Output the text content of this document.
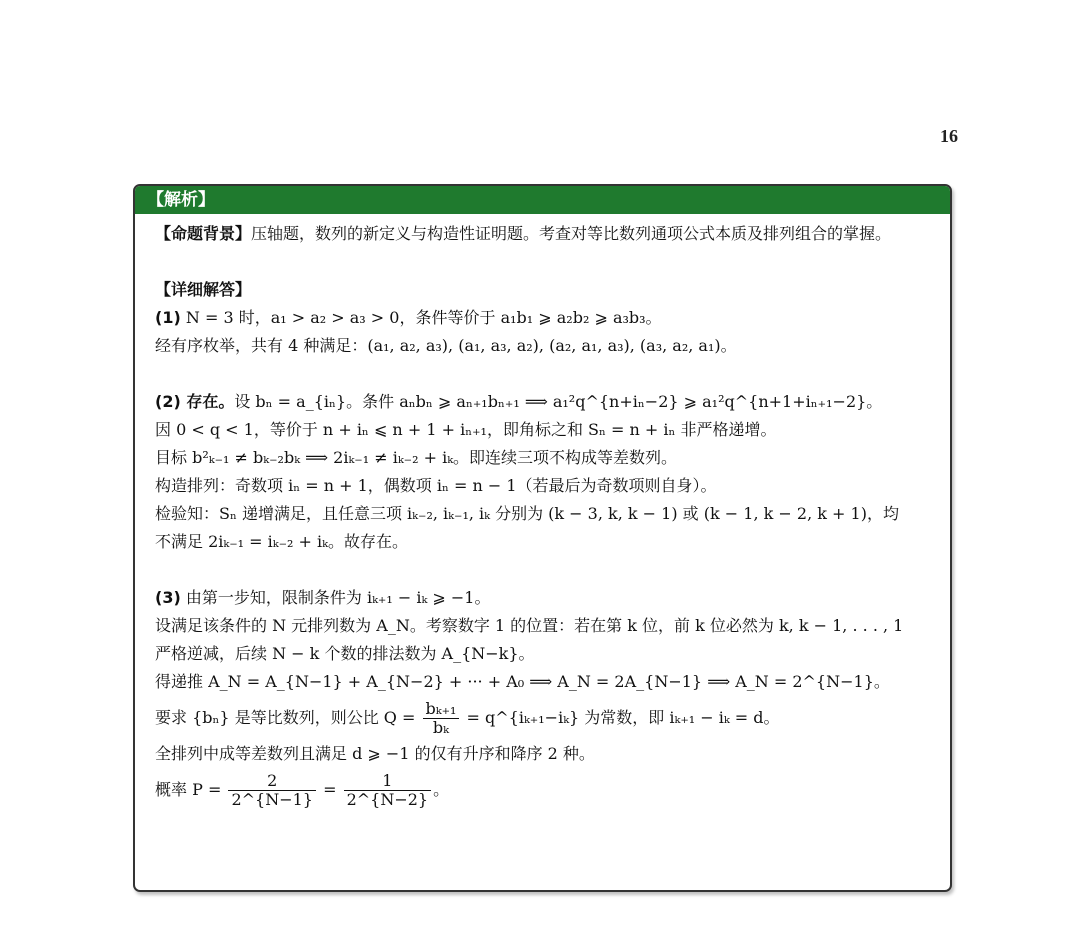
16
【解析】

【命题背景】压轴题，数列的新定义与构造性证明题。考查对等比数列通项公式本质及排列组合的掌握。

【详细解答】

(1) N = 3 时，a₁ > a₂ > a₃ > 0，条件等价于 a₁b₁ ⩾ a₂b₂ ⩾ a₃b₃。

经有序枚举，共有 4 种满足：(a₁, a₂, a₃), (a₁, a₃, a₂), (a₂, a₁, a₃), (a₃, a₂, a₁)。

(2) 存在。设 bₙ = a_{iₙ}。条件 aₙbₙ ⩾ aₙ₊₁bₙ₊₁ ⟹ a₁²q^{n+iₙ−2} ⩾ a₁²q^{n+1+iₙ₊₁−2}。

因 0 < q < 1，等价于 n + iₙ ⩽ n + 1 + iₙ₊₁，即角标之和 Sₙ = n + iₙ 非严格递增。

目标 b²ₖ₋₁ ≠ bₖ₋₂bₖ ⟹ 2iₖ₋₁ ≠ iₖ₋₂ + iₖ。即连续三项不构成等差数列。

构造排列：奇数项 iₙ = n + 1，偶数项 iₙ = n − 1（若最后为奇数项则自身）。

检验知：Sₙ 递增满足，且任意三项 iₖ₋₂, iₖ₋₁, iₖ 分别为 (k − 3, k, k − 1) 或 (k − 1, k − 2, k + 1)，均

不满足 2iₖ₋₁ = iₖ₋₂ + iₖ。故存在。

(3) 由第一步知，限制条件为 iₖ₊₁ − iₖ ⩾ −1。

设满足该条件的 N 元排列数为 A_N。考察数字 1 的位置：若在第 k 位，前 k 位必然为 k, k − 1, . . . , 1

严格逆减，后续 N − k 个数的排法数为 A_{N−k}。

得递推 A_N = A_{N−1} + A_{N−2} + ··· + A₀ ⟹ A_N = 2A_{N−1} ⟹ A_N = 2^{N−1}。

要求 {bₙ} 是等比数列，则公比 $Q = \frac{\text{bₖ₊₁}}{\text{bₖ}}$ = q^{iₖ₊₁−iₖ} 为常数，即 iₖ₊₁ − iₖ = d。

全排列中成等差数列且满足 d ⩾ −1 的仅有升序和降序 2 种。

概率 $P = \frac{2}{2\^{}\{N-1\}} = \frac{1}{2\^{}\{N-2\}}$ 。
